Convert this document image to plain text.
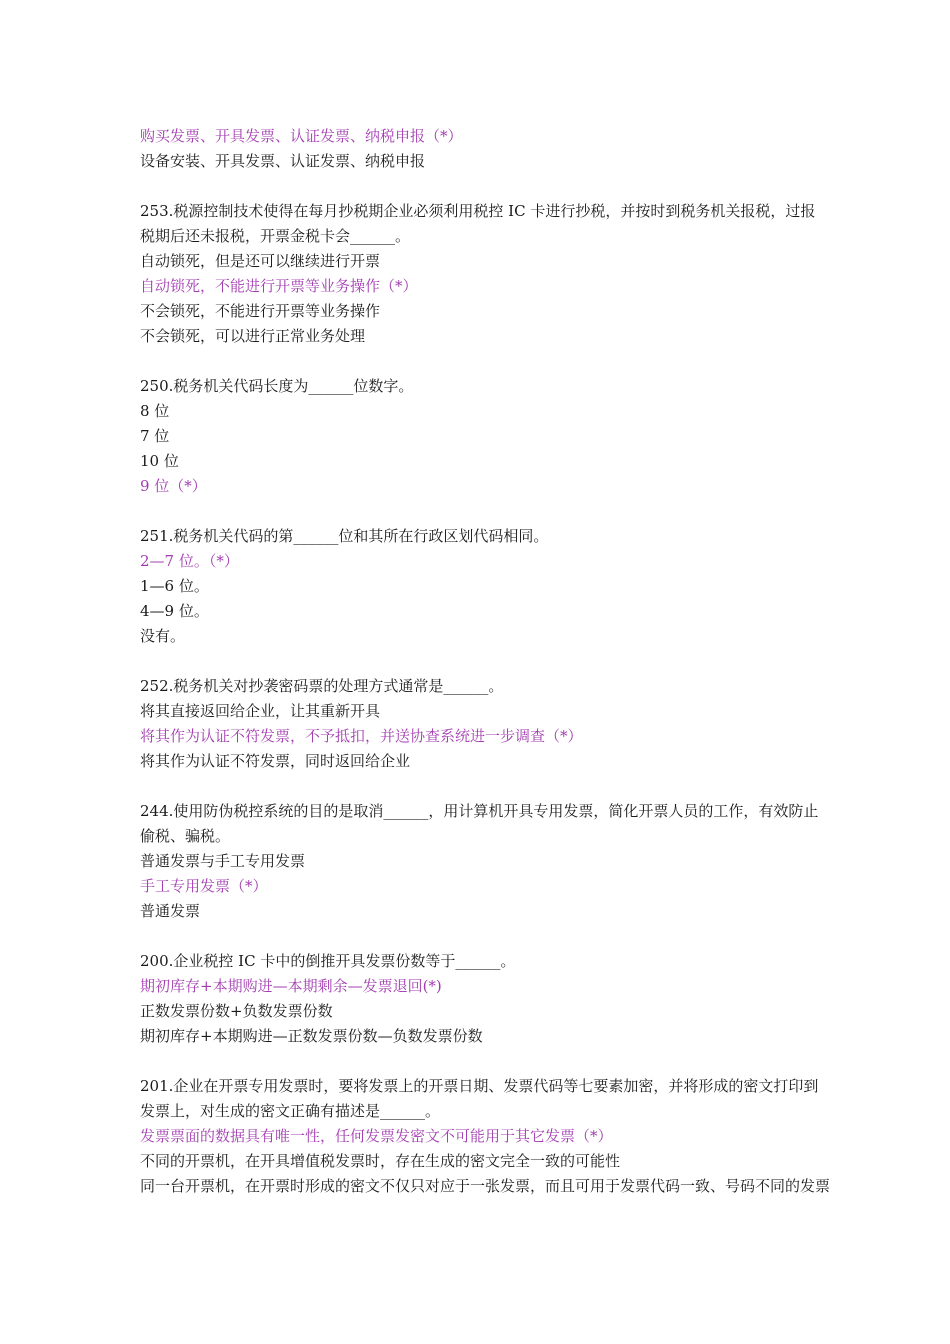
购买发票、开具发票、认证发票、纳税申报（*）
设备安装、开具发票、认证发票、纳税申报
253.税源控制技术使得在每月抄税期企业必须利用税控 IC 卡进行抄税，并按时到税务机关报税，过报税期后还未报税，开票金税卡会______。
自动锁死，但是还可以继续进行开票
自动锁死，不能进行开票等业务操作（*）
不会锁死，不能进行开票等业务操作
不会锁死，可以进行正常业务处理
250.税务机关代码长度为______位数字。
8 位
7 位
10 位
9 位（*）
251.税务机关代码的第______位和其所在行政区划代码相同。
2—7 位。（*）
1—6 位。
4—9 位。
没有。
252.税务机关对抄袭密码票的处理方式通常是______。
将其直接返回给企业，让其重新开具
将其作为认证不符发票，不予抵扣，并送协查系统进一步调查（*）
将其作为认证不符发票，同时返回给企业
244.使用防伪税控系统的目的是取消______，用计算机开具专用发票，简化开票人员的工作，有效防止偷税、骗税。
普通发票与手工专用发票
手工专用发票（*）
普通发票
200.企业税控 IC 卡中的倒推开具发票份数等于______。
期初库存+本期购进—本期剩余—发票退回(*)
正数发票份数+负数发票份数
期初库存+本期购进—正数发票份数—负数发票份数
201.企业在开票专用发票时，要将发票上的开票日期、发票代码等七要素加密，并将形成的密文打印到发票上，对生成的密文正确有描述是______。
发票票面的数据具有唯一性，任何发票发密文不可能用于其它发票（*）
不同的开票机，在开具增值税发票时，存在生成的密文完全一致的可能性
同一台开票机，在开票时形成的密文不仅只对应于一张发票，而且可用于发票代码一致、号码不同的发票
